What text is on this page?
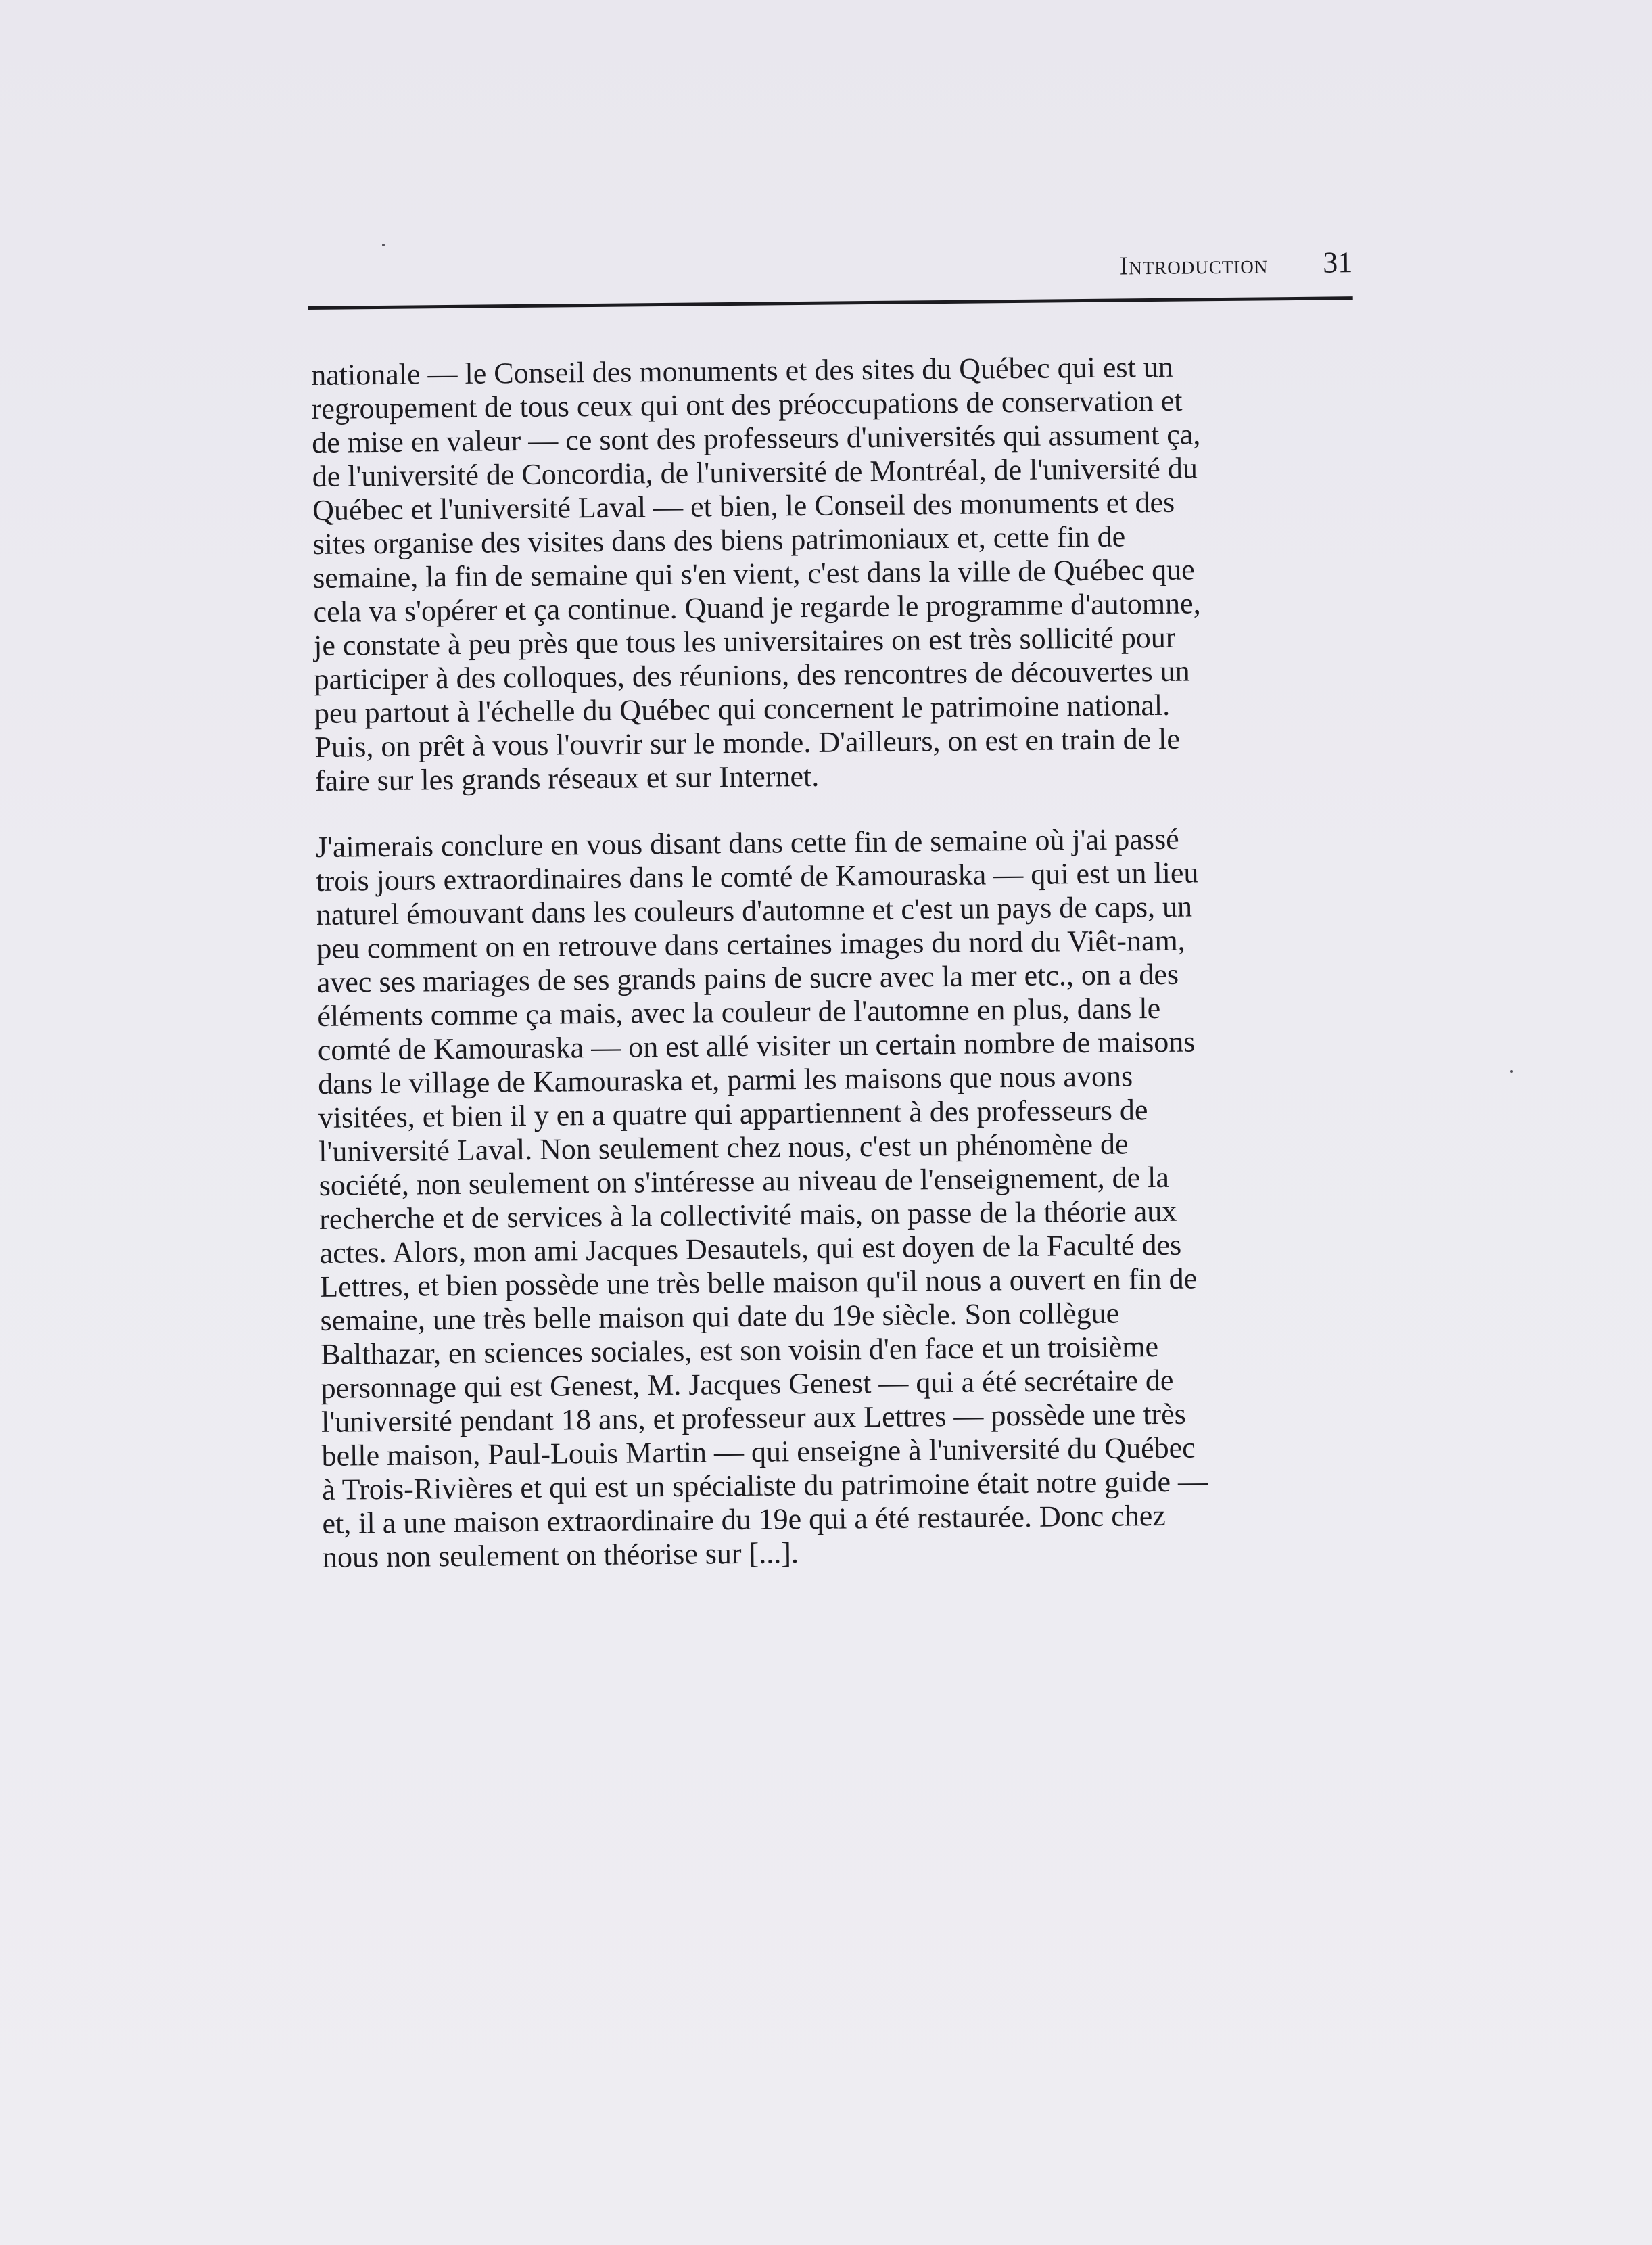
Introduction 31

nationale — le Conseil des monuments et des sites du Québec qui est un
regroupement de tous ceux qui ont des préoccupations de conservation et
de mise en valeur — ce sont des professeurs d'universités qui assument ça,
de l'université de Concordia, de l'université de Montréal, de l'université du
Québec et l'université Laval — et bien, le Conseil des monuments et des
sites organise des visites dans des biens patrimoniaux et, cette fin de
semaine, la fin de semaine qui s'en vient, c'est dans la ville de Québec que
cela va s'opérer et ça continue. Quand je regarde le programme d'automne,
je constate à peu près que tous les universitaires on est très sollicité pour
participer à des colloques, des réunions, des rencontres de découvertes un
peu partout à l'échelle du Québec qui concernent le patrimoine national.
Puis, on prêt à vous l'ouvrir sur le monde. D'ailleurs, on est en train de le
faire sur les grands réseaux et sur Internet.

J'aimerais conclure en vous disant dans cette fin de semaine où j'ai passé
trois jours extraordinaires dans le comté de Kamouraska — qui est un lieu
naturel émouvant dans les couleurs d'automne et c'est un pays de caps, un
peu comment on en retrouve dans certaines images du nord du Viêt-nam,
avec ses mariages de ses grands pains de sucre avec la mer etc., on a des
éléments comme ça mais, avec la couleur de l'automne en plus, dans le
comté de Kamouraska — on est allé visiter un certain nombre de maisons
dans le village de Kamouraska et, parmi les maisons que nous avons
visitées, et bien il y en a quatre qui appartiennent à des professeurs de
l'université Laval. Non seulement chez nous, c'est un phénomène de
société, non seulement on s'intéresse au niveau de l'enseignement, de la
recherche et de services à la collectivité mais, on passe de la théorie aux
actes. Alors, mon ami Jacques Desautels, qui est doyen de la Faculté des
Lettres, et bien possède une très belle maison qu'il nous a ouvert en fin de
semaine, une très belle maison qui date du 19e siècle. Son collègue
Balthazar, en sciences sociales, est son voisin d'en face et un troisième
personnage qui est Genest, M. Jacques Genest — qui a été secrétaire de
l'université pendant 18 ans, et professeur aux Lettres — possède une très
belle maison, Paul-Louis Martin — qui enseigne à l'université du Québec
à Trois-Rivières et qui est un spécialiste du patrimoine était notre guide —
et, il a une maison extraordinaire du 19e qui a été restaurée. Donc chez
nous non seulement on théorise sur [...].
